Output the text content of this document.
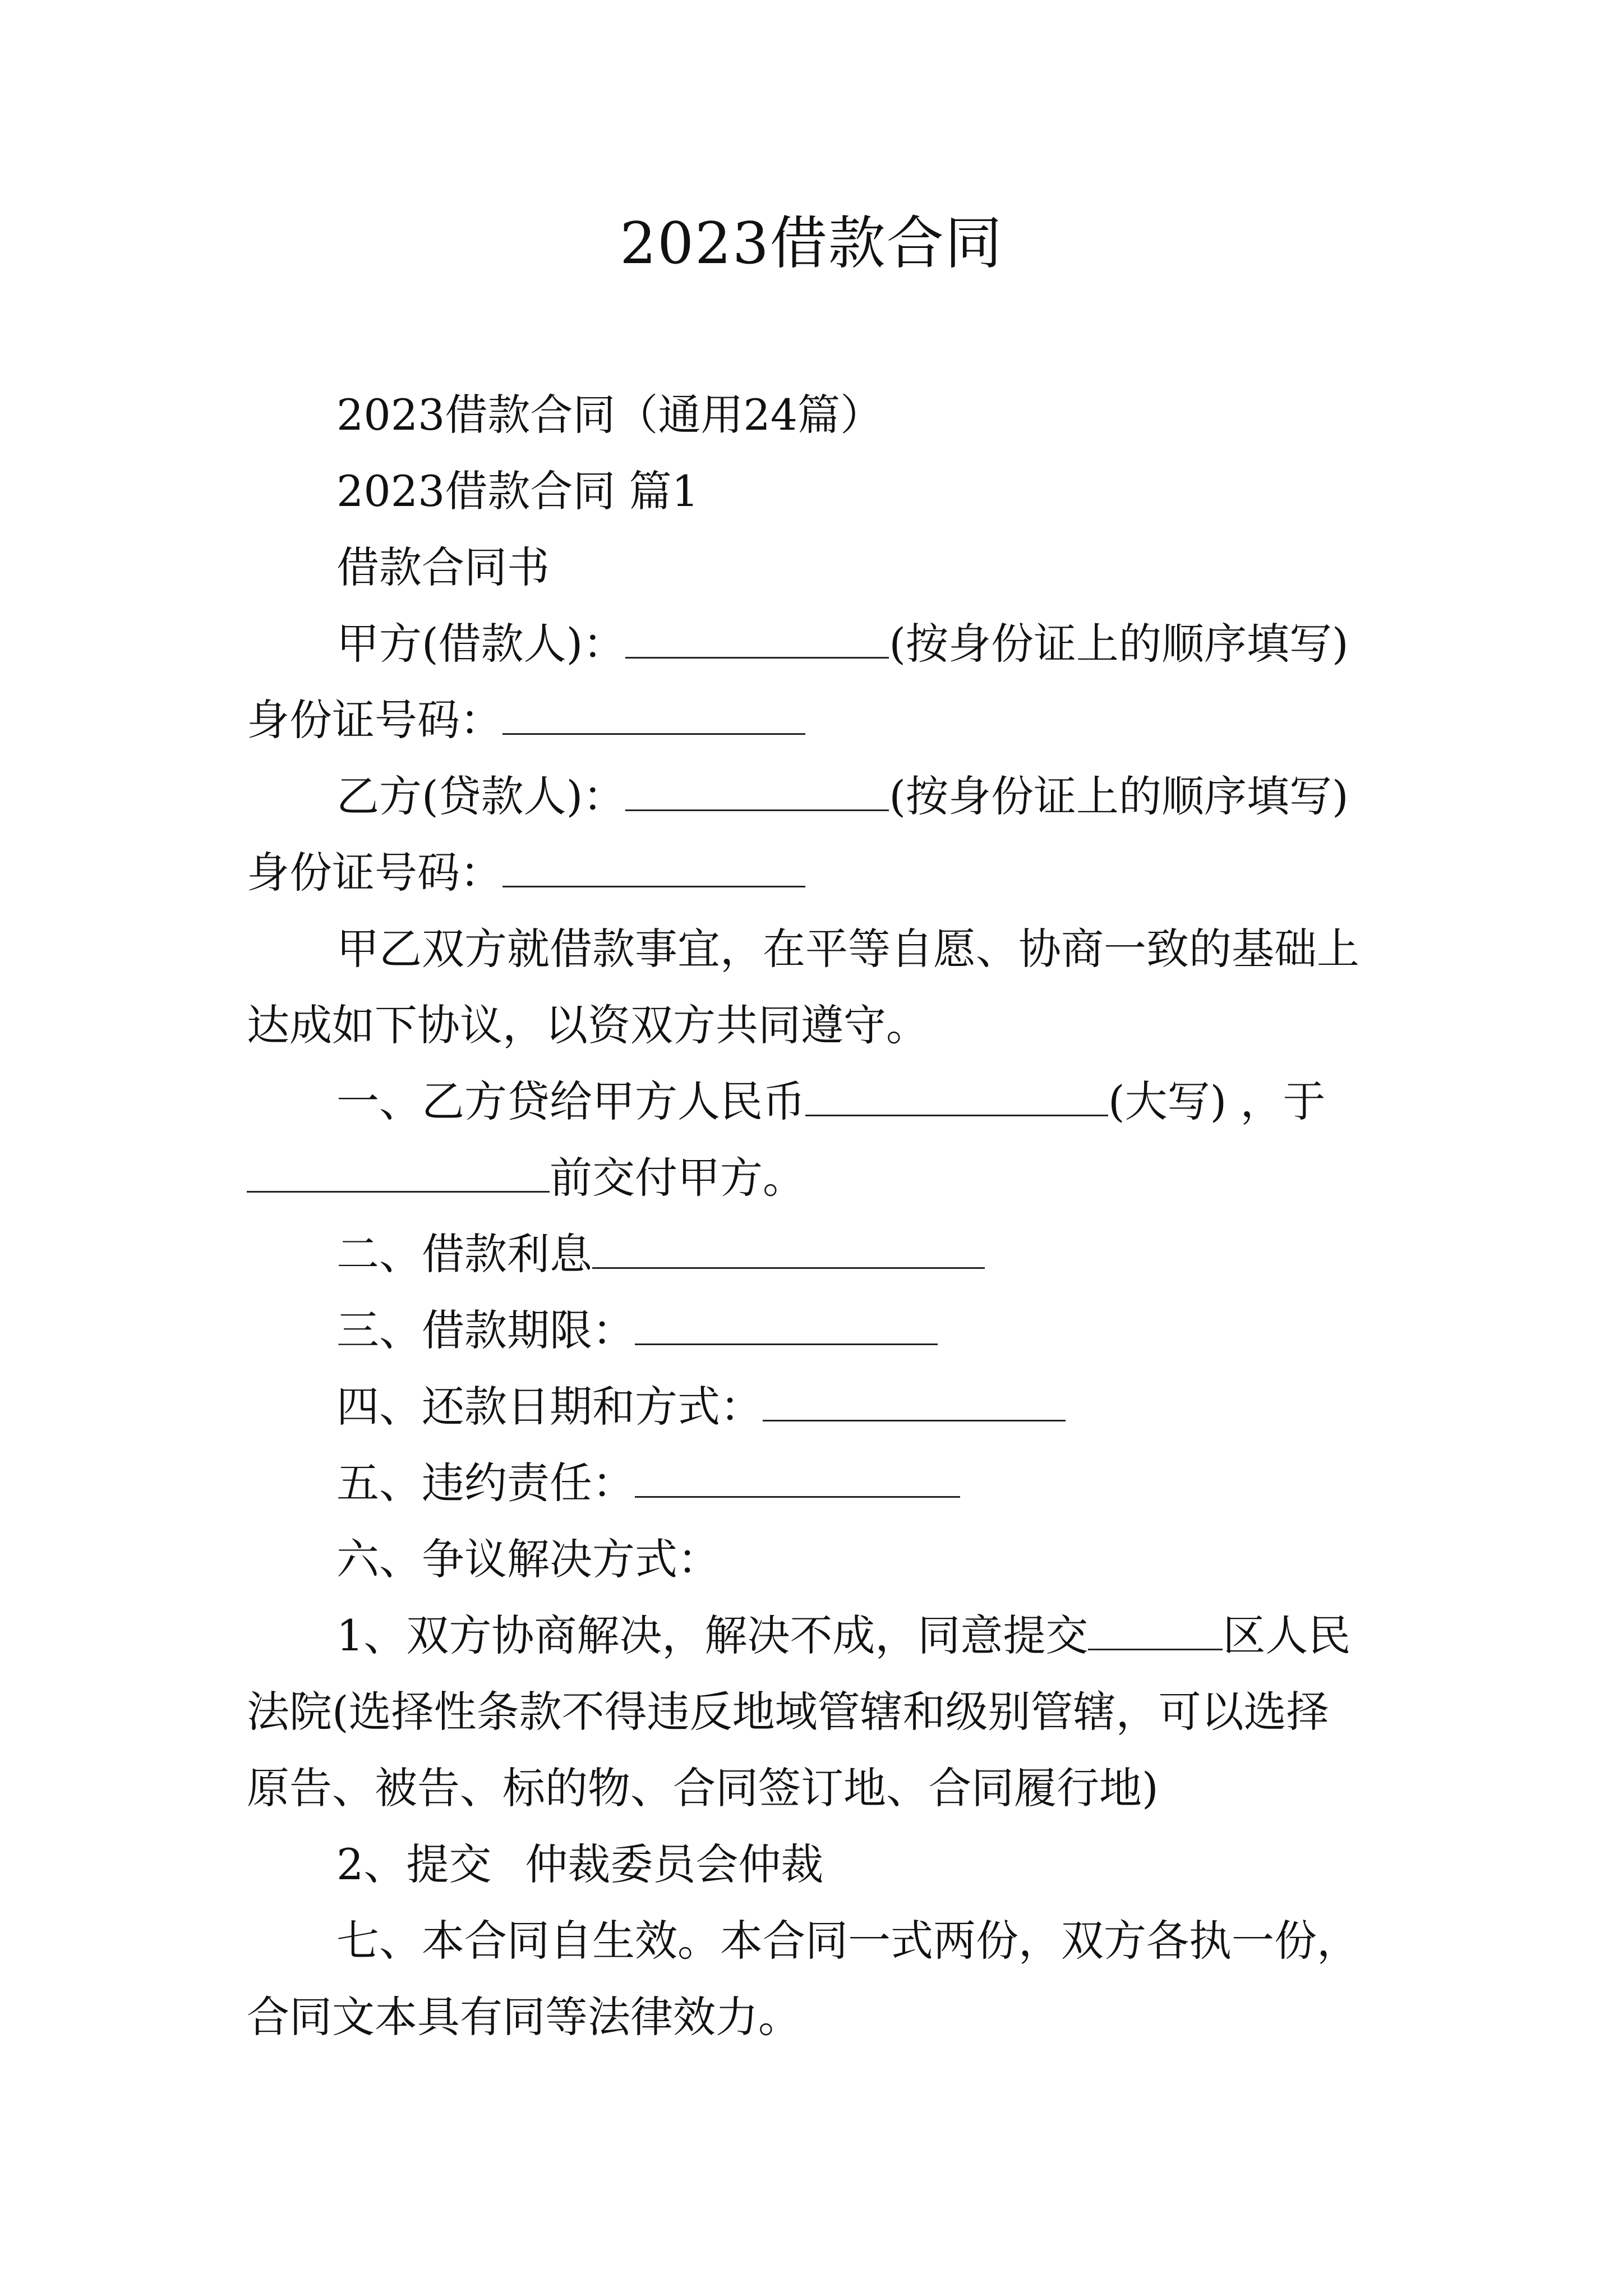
2023借款合同
2023借款合同（通用24篇）
2023借款合同 篇1
借款合同书
甲方(借款人)：	(按身份证上的顺序填写)
身份证号码：
乙方(贷款人)：	(按身份证上的顺序填写)
身份证号码：
甲乙双方就借款事宜，在平等自愿、协商一致的基础上
达成如下协议，以资双方共同遵守。
一、乙方贷给甲方人民币	(大写) ，于
前交付甲方。
二、借款利息
三、借款期限：
四、还款日期和方式：
五、违约责任：
六、争议解决方式：
1、双方协商解决，解决不成，同意提交	区人民
法院(选择性条款不得违反地域管辖和级别管辖，可以选择
原告、被告、标的物、合同签订地、合同履行地)
2、提交 仲裁委员会仲裁
七、本合同自生效。本合同一式两份，双方各执一份，
合同文本具有同等法律效力。
